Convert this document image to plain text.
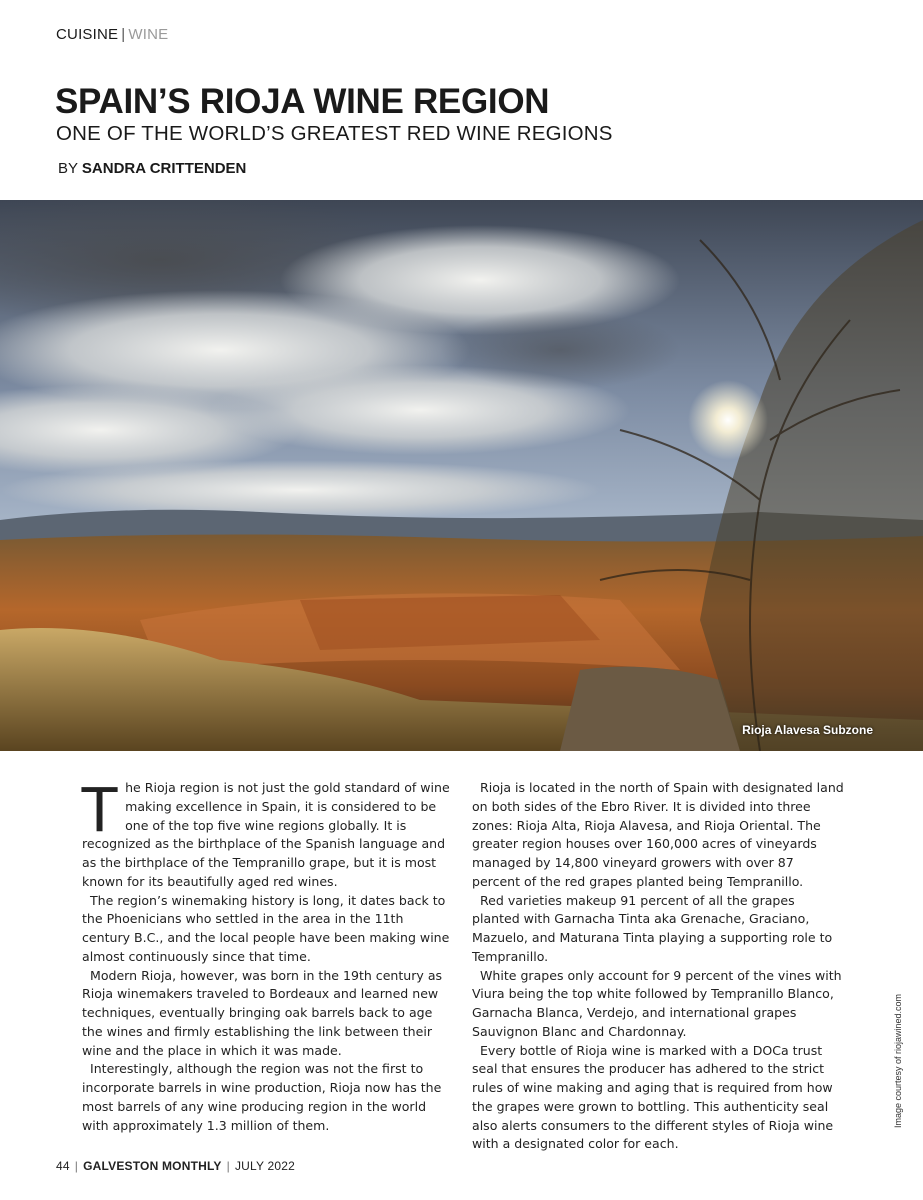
CUISINE | WINE
SPAIN’S RIOJA WINE REGION
ONE OF THE WORLD’S GREATEST RED WINE REGIONS
BY SANDRA CRITTENDEN
Rioja Alavesa Subzone

The Rioja region is not just the gold standard of wine making excellence in Spain, it is considered to be one of the top five wine regions globally. It is recognized as the birthplace of the Spanish language and as the birthplace of the Tempranillo grape, but it is most known for its beautifully aged red wines.

The region’s winemaking history is long, it dates back to the Phoenicians who settled in the area in the 11th century B.C., and the local people have been making wine almost continuously since that time.

Modern Rioja, however, was born in the 19th century as Rioja winemakers traveled to Bordeaux and learned new techniques, eventually bringing oak barrels back to age the wines and firmly establishing the link between their wine and the place in which it was made.

Interestingly, although the region was not the first to incorporate barrels in wine production, Rioja now has the most barrels of any wine producing region in the world with approximately 1.3 million of them.

Rioja is located in the north of Spain with designated land on both sides of the Ebro River. It is divided into three zones: Rioja Alta, Rioja Alavesa, and Rioja Oriental. The greater region houses over 160,000 acres of vineyards managed by 14,800 vineyard growers with over 87 percent of the red grapes planted being Tempranillo.

Red varieties makeup 91 percent of all the grapes planted with Garnacha Tinta aka Grenache, Graciano, Mazuelo, and Maturana Tinta playing a supporting role to Tempranillo.

White grapes only account for 9 percent of the vines with Viura being the top white followed by Tempranillo Blanco, Garnacha Blanca, Verdejo, and international grapes Sauvignon Blanc and Chardonnay.

Every bottle of Rioja wine is marked with a DOCa trust seal that ensures the producer has adhered to the strict rules of wine making and aging that is required from how the grapes were grown to bottling. This authenticity seal also alerts consumers to the different styles of Rioja wine with a designated color for each.

Image courtesy of riojawined.com
44 | GALVESTON MONTHLY | JULY 2022
